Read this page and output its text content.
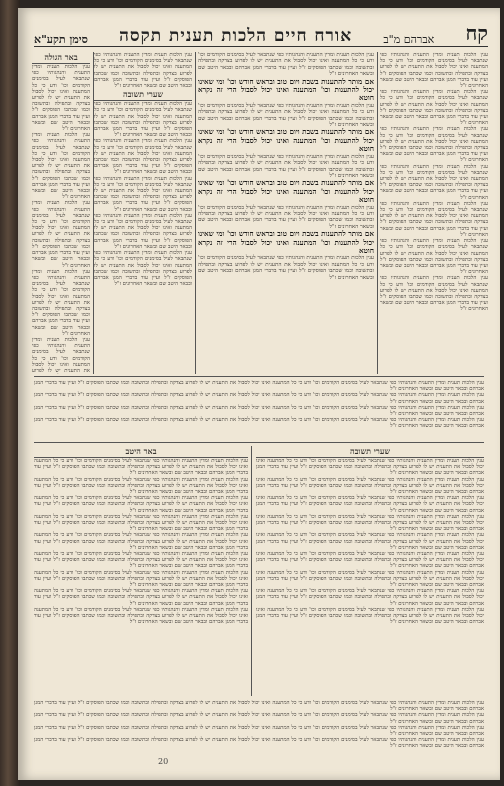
קח
אברהם מ"ב
אורח חיים הלכות תענית תקסה
סימן תקע"א

ענין הלכות תענית ומדין התענית והנהגותיו כפי שנתבאר לעיל בסימנים הקודמים וכו' ודע כי כל המתענה ואינו יכול לסבול את התענית יש לו לפרוע בצדקה ובתפילה ובתשובה וכמו שכתבו הפוסקים ז"ל ועיין עוד בדברי המגן אברהם ובבאר היטב שם ובשאר האחרונים ז"ל

ענין הלכות תענית ומדין התענית והנהגותיו כפי שנתבאר לעיל בסימנים הקודמים וכו' ודע כי כל המתענה ואינו יכול לסבול את התענית יש לו לפרוע בצדקה ובתפילה ובתשובה וכמו שכתבו הפוסקים ז"ל ועיין עוד בדברי המגן אברהם ובבאר היטב שם ובשאר האחרונים ז"ל

ענין הלכות תענית ומדין התענית והנהגותיו כפי שנתבאר לעיל בסימנים הקודמים וכו' ודע כי כל המתענה ואינו יכול לסבול את התענית יש לו לפרוע בצדקה ובתפילה ובתשובה וכמו שכתבו הפוסקים ז"ל ועיין עוד בדברי המגן אברהם ובבאר היטב שם ובשאר האחרונים ז"ל

ענין הלכות תענית ומדין התענית והנהגותיו כפי שנתבאר לעיל בסימנים הקודמים וכו' ודע כי כל המתענה ואינו יכול לסבול את התענית יש לו לפרוע בצדקה ובתפילה ובתשובה וכמו שכתבו הפוסקים ז"ל ועיין עוד בדברי המגן אברהם ובבאר היטב שם ובשאר האחרונים ז"ל

ענין הלכות תענית ומדין התענית והנהגותיו כפי שנתבאר לעיל בסימנים הקודמים וכו' ודע כי כל המתענה ואינו יכול לסבול את התענית יש לו לפרוע בצדקה ובתפילה ובתשובה וכמו שכתבו הפוסקים ז"ל ועיין עוד בדברי המגן אברהם ובבאר היטב שם ובשאר האחרונים ז"ל

ענין הלכות תענית ומדין התענית והנהגותיו כפי שנתבאר לעיל בסימנים הקודמים וכו' ודע כי כל המתענה ואינו יכול לסבול את התענית יש לו לפרוע בצדקה ובתפילה ובתשובה וכמו שכתבו הפוסקים ז"ל ועיין עוד בדברי המגן אברהם ובבאר היטב שם ובשאר האחרונים ז"ל

ענין הלכות תענית ומדין התענית והנהגותיו כפי שנתבאר לעיל בסימנים הקודמים וכו' ודע כי כל המתענה ואינו יכול לסבול את התענית יש לו לפרוע בצדקה ובתפילה ובתשובה וכמו שכתבו הפוסקים ז"ל ועיין עוד בדברי המגן אברהם ובבאר היטב שם ובשאר האחרונים ז"ל

ענין הלכות תענית ומדין התענית והנהגותיו כפי שנתבאר לעיל בסימנים הקודמים וכו' ודע כי כל המתענה ואינו יכול לסבול את התענית יש לו לפרוע בצדקה ובתפילה ובתשובה וכמו שכתבו הפוסקים ז"ל ועיין עוד בדברי המגן אברהם ובבאר היטב שם ובשאר האחרונים ז"ל

אם מותר להתענות בשבת ויום טוב ובראש חודש וכו' ומי שאינו יכול להתענות וכו' המתענה ואינו יכול לסבול הרי זה נקרא חוטא

ענין הלכות תענית ומדין התענית והנהגותיו כפי שנתבאר לעיל בסימנים הקודמים וכו' ודע כי כל המתענה ואינו יכול לסבול את התענית יש לו לפרוע בצדקה ובתפילה ובתשובה וכמו שכתבו הפוסקים ז"ל ועיין עוד בדברי המגן אברהם ובבאר היטב שם ובשאר האחרונים ז"ל

אם מותר להתענות בשבת ויום טוב ובראש חודש וכו' ומי שאינו יכול להתענות וכו' המתענה ואינו יכול לסבול הרי זה נקרא חוטא

ענין הלכות תענית ומדין התענית והנהגותיו כפי שנתבאר לעיל בסימנים הקודמים וכו' ודע כי כל המתענה ואינו יכול לסבול את התענית יש לו לפרוע בצדקה ובתפילה ובתשובה וכמו שכתבו הפוסקים ז"ל ועיין עוד בדברי המגן אברהם ובבאר היטב שם ובשאר האחרונים ז"ל

אם מותר להתענות בשבת ויום טוב ובראש חודש וכו' ומי שאינו יכול להתענות וכו' המתענה ואינו יכול לסבול הרי זה נקרא חוטא

ענין הלכות תענית ומדין התענית והנהגותיו כפי שנתבאר לעיל בסימנים הקודמים וכו' ודע כי כל המתענה ואינו יכול לסבול את התענית יש לו לפרוע בצדקה ובתפילה ובתשובה וכמו שכתבו הפוסקים ז"ל ועיין עוד בדברי המגן אברהם ובבאר היטב שם ובשאר האחרונים ז"ל

אם מותר להתענות בשבת ויום טוב ובראש חודש וכו' ומי שאינו יכול להתענות וכו' המתענה ואינו יכול לסבול הרי זה נקרא חוטא

ענין הלכות תענית ומדין התענית והנהגותיו כפי שנתבאר לעיל בסימנים הקודמים וכו' ודע כי כל המתענה ואינו יכול לסבול את התענית יש לו לפרוע בצדקה ובתפילה ובתשובה וכמו שכתבו הפוסקים ז"ל ועיין עוד בדברי המגן אברהם ובבאר היטב שם ובשאר האחרונים ז"ל

ענין הלכות תענית ומדין התענית והנהגותיו כפי שנתבאר לעיל בסימנים הקודמים וכו' ודע כי כל המתענה ואינו יכול לסבול את התענית יש לו לפרוע בצדקה ובתפילה ובתשובה וכמו שכתבו הפוסקים ז"ל ועיין עוד בדברי המגן אברהם ובבאר היטב שם ובשאר האחרונים ז"ל

שערי תשובה

ענין הלכות תענית ומדין התענית והנהגותיו כפי שנתבאר לעיל בסימנים הקודמים וכו' ודע כי כל המתענה ואינו יכול לסבול את התענית יש לו לפרוע בצדקה ובתפילה ובתשובה וכמו שכתבו הפוסקים ז"ל ועיין עוד בדברי המגן אברהם ובבאר היטב שם ובשאר האחרונים ז"ל

ענין הלכות תענית ומדין התענית והנהגותיו כפי שנתבאר לעיל בסימנים הקודמים וכו' ודע כי כל המתענה ואינו יכול לסבול את התענית יש לו לפרוע בצדקה ובתפילה ובתשובה וכמו שכתבו הפוסקים ז"ל ועיין עוד בדברי המגן אברהם ובבאר היטב שם ובשאר האחרונים ז"ל

ענין הלכות תענית ומדין התענית והנהגותיו כפי שנתבאר לעיל בסימנים הקודמים וכו' ודע כי כל המתענה ואינו יכול לסבול את התענית יש לו לפרוע בצדקה ובתפילה ובתשובה וכמו שכתבו הפוסקים ז"ל ועיין עוד בדברי המגן אברהם ובבאר היטב שם ובשאר האחרונים ז"ל

ענין הלכות תענית ומדין התענית והנהגותיו כפי שנתבאר לעיל בסימנים הקודמים וכו' ודע כי כל המתענה ואינו יכול לסבול את התענית יש לו לפרוע בצדקה ובתפילה ובתשובה וכמו שכתבו הפוסקים ז"ל ועיין עוד בדברי המגן אברהם ובבאר היטב שם ובשאר האחרונים ז"ל

ענין הלכות תענית ומדין התענית והנהגותיו כפי שנתבאר לעיל בסימנים הקודמים וכו' ודע כי כל המתענה ואינו יכול לסבול את התענית יש לו לפרוע בצדקה ובתפילה ובתשובה וכמו שכתבו הפוסקים ז"ל ועיין עוד בדברי המגן אברהם ובבאר היטב שם ובשאר האחרונים ז"ל

באר הגולה

ענין הלכות תענית ומדין התענית והנהגותיו כפי שנתבאר לעיל בסימנים הקודמים וכו' ודע כי כל המתענה ואינו יכול לסבול את התענית יש לו לפרוע בצדקה ובתפילה ובתשובה וכמו שכתבו הפוסקים ז"ל ועיין עוד בדברי המגן אברהם ובבאר היטב שם ובשאר האחרונים ז"ל

ענין הלכות תענית ומדין התענית והנהגותיו כפי שנתבאר לעיל בסימנים הקודמים וכו' ודע כי כל המתענה ואינו יכול לסבול את התענית יש לו לפרוע בצדקה ובתפילה ובתשובה וכמו שכתבו הפוסקים ז"ל ועיין עוד בדברי המגן אברהם ובבאר היטב שם ובשאר האחרונים ז"ל

ענין הלכות תענית ומדין התענית והנהגותיו כפי שנתבאר לעיל בסימנים הקודמים וכו' ודע כי כל המתענה ואינו יכול לסבול את התענית יש לו לפרוע בצדקה ובתפילה ובתשובה וכמו שכתבו הפוסקים ז"ל ועיין עוד בדברי המגן אברהם ובבאר היטב שם ובשאר האחרונים ז"ל

ענין הלכות תענית ומדין התענית והנהגותיו כפי שנתבאר לעיל בסימנים הקודמים וכו' ודע כי כל המתענה ואינו יכול לסבול את התענית יש לו לפרוע בצדקה ובתפילה ובתשובה וכמו שכתבו הפוסקים ז"ל ועיין עוד בדברי המגן אברהם ובבאר היטב שם ובשאר האחרונים ז"ל

ענין הלכות תענית ומדין התענית והנהגותיו כפי שנתבאר לעיל בסימנים הקודמים וכו' ודע כי כל המתענה ואינו יכול לסבול את התענית יש לו לפרוע

ענין הלכות תענית ומדין התענית והנהגותיו כפי שנתבאר לעיל בסימנים הקודמים וכו' ודע כי כל המתענה ואינו יכול לסבול את התענית יש לו לפרוע בצדקה ובתפילה ובתשובה וכמו שכתבו הפוסקים ז"ל ועיין עוד בדברי המגן אברהם ובבאר היטב שם ובשאר האחרונים ז"ל

ענין הלכות תענית ומדין התענית והנהגותיו כפי שנתבאר לעיל בסימנים הקודמים וכו' ודע כי כל המתענה ואינו יכול לסבול את התענית יש לו לפרוע בצדקה ובתפילה ובתשובה וכמו שכתבו הפוסקים ז"ל ועיין עוד בדברי המגן אברהם ובבאר היטב שם ובשאר האחרונים ז"ל

ענין הלכות תענית ומדין התענית והנהגותיו כפי שנתבאר לעיל בסימנים הקודמים וכו' ודע כי כל המתענה ואינו יכול לסבול את התענית יש לו לפרוע בצדקה ובתפילה ובתשובה וכמו שכתבו הפוסקים ז"ל ועיין עוד בדברי המגן אברהם ובבאר היטב שם ובשאר האחרונים ז"ל

ענין הלכות תענית ומדין התענית והנהגותיו כפי שנתבאר לעיל בסימנים הקודמים וכו' ודע כי כל המתענה ואינו יכול לסבול את התענית יש לו לפרוע בצדקה ובתפילה ובתשובה וכמו שכתבו הפוסקים ז"ל ועיין עוד בדברי המגן אברהם ובבאר היטב שם ובשאר האחרונים ז"ל

באר היטב

ענין הלכות תענית ומדין התענית והנהגותיו כפי שנתבאר לעיל בסימנים הקודמים וכו' ודע כי כל המתענה ואינו יכול לסבול את התענית יש לו לפרוע בצדקה ובתפילה ובתשובה וכמו שכתבו הפוסקים ז"ל ועיין עוד בדברי המגן אברהם ובבאר היטב שם ובשאר האחרונים ז"ל

ענין הלכות תענית ומדין התענית והנהגותיו כפי שנתבאר לעיל בסימנים הקודמים וכו' ודע כי כל המתענה ואינו יכול לסבול את התענית יש לו לפרוע בצדקה ובתפילה ובתשובה וכמו שכתבו הפוסקים ז"ל ועיין עוד בדברי המגן אברהם ובבאר היטב שם ובשאר האחרונים ז"ל

ענין הלכות תענית ומדין התענית והנהגותיו כפי שנתבאר לעיל בסימנים הקודמים וכו' ודע כי כל המתענה ואינו יכול לסבול את התענית יש לו לפרוע בצדקה ובתפילה ובתשובה וכמו שכתבו הפוסקים ז"ל ועיין עוד בדברי המגן אברהם ובבאר היטב שם ובשאר האחרונים ז"ל

ענין הלכות תענית ומדין התענית והנהגותיו כפי שנתבאר לעיל בסימנים הקודמים וכו' ודע כי כל המתענה ואינו יכול לסבול את התענית יש לו לפרוע בצדקה ובתפילה ובתשובה וכמו שכתבו הפוסקים ז"ל ועיין עוד בדברי המגן אברהם ובבאר היטב שם ובשאר האחרונים ז"ל

ענין הלכות תענית ומדין התענית והנהגותיו כפי שנתבאר לעיל בסימנים הקודמים וכו' ודע כי כל המתענה ואינו יכול לסבול את התענית יש לו לפרוע בצדקה ובתפילה ובתשובה וכמו שכתבו הפוסקים ז"ל ועיין עוד בדברי המגן אברהם ובבאר היטב שם ובשאר האחרונים ז"ל

ענין הלכות תענית ומדין התענית והנהגותיו כפי שנתבאר לעיל בסימנים הקודמים וכו' ודע כי כל המתענה ואינו יכול לסבול את התענית יש לו לפרוע בצדקה ובתפילה ובתשובה וכמו שכתבו הפוסקים ז"ל ועיין עוד בדברי המגן אברהם ובבאר היטב שם ובשאר האחרונים ז"ל

ענין הלכות תענית ומדין התענית והנהגותיו כפי שנתבאר לעיל בסימנים הקודמים וכו' ודע כי כל המתענה ואינו יכול לסבול את התענית יש לו לפרוע בצדקה ובתפילה ובתשובה וכמו שכתבו הפוסקים ז"ל ועיין עוד בדברי המגן אברהם ובבאר היטב שם ובשאר האחרונים ז"ל

ענין הלכות תענית ומדין התענית והנהגותיו כפי שנתבאר לעיל בסימנים הקודמים וכו' ודע כי כל המתענה ואינו יכול לסבול את התענית יש לו לפרוע בצדקה ובתפילה ובתשובה וכמו שכתבו הפוסקים ז"ל ועיין עוד בדברי המגן אברהם ובבאר היטב שם ובשאר האחרונים ז"ל

ענין הלכות תענית ומדין התענית והנהגותיו כפי שנתבאר לעיל בסימנים הקודמים וכו' ודע כי כל המתענה ואינו יכול לסבול את התענית יש לו לפרוע בצדקה ובתפילה ובתשובה וכמו שכתבו הפוסקים ז"ל ועיין עוד בדברי המגן אברהם ובבאר היטב שם ובשאר האחרונים ז"ל

שערי תשובה

ענין הלכות תענית ומדין התענית והנהגותיו כפי שנתבאר לעיל בסימנים הקודמים וכו' ודע כי כל המתענה ואינו יכול לסבול את התענית יש לו לפרוע בצדקה ובתפילה ובתשובה וכמו שכתבו הפוסקים ז"ל ועיין עוד בדברי המגן אברהם ובבאר היטב שם ובשאר האחרונים ז"ל

ענין הלכות תענית ומדין התענית והנהגותיו כפי שנתבאר לעיל בסימנים הקודמים וכו' ודע כי כל המתענה ואינו יכול לסבול את התענית יש לו לפרוע בצדקה ובתפילה ובתשובה וכמו שכתבו הפוסקים ז"ל ועיין עוד בדברי המגן אברהם ובבאר היטב שם ובשאר האחרונים ז"ל

ענין הלכות תענית ומדין התענית והנהגותיו כפי שנתבאר לעיל בסימנים הקודמים וכו' ודע כי כל המתענה ואינו יכול לסבול את התענית יש לו לפרוע בצדקה ובתפילה ובתשובה וכמו שכתבו הפוסקים ז"ל ועיין עוד בדברי המגן אברהם ובבאר היטב שם ובשאר האחרונים ז"ל

ענין הלכות תענית ומדין התענית והנהגותיו כפי שנתבאר לעיל בסימנים הקודמים וכו' ודע כי כל המתענה ואינו יכול לסבול את התענית יש לו לפרוע בצדקה ובתפילה ובתשובה וכמו שכתבו הפוסקים ז"ל ועיין עוד בדברי המגן אברהם ובבאר היטב שם ובשאר האחרונים ז"ל

ענין הלכות תענית ומדין התענית והנהגותיו כפי שנתבאר לעיל בסימנים הקודמים וכו' ודע כי כל המתענה ואינו יכול לסבול את התענית יש לו לפרוע בצדקה ובתפילה ובתשובה וכמו שכתבו הפוסקים ז"ל ועיין עוד בדברי המגן אברהם ובבאר היטב שם ובשאר האחרונים ז"ל

ענין הלכות תענית ומדין התענית והנהגותיו כפי שנתבאר לעיל בסימנים הקודמים וכו' ודע כי כל המתענה ואינו יכול לסבול את התענית יש לו לפרוע בצדקה ובתפילה ובתשובה וכמו שכתבו הפוסקים ז"ל ועיין עוד בדברי המגן אברהם ובבאר היטב שם ובשאר האחרונים ז"ל

ענין הלכות תענית ומדין התענית והנהגותיו כפי שנתבאר לעיל בסימנים הקודמים וכו' ודע כי כל המתענה ואינו יכול לסבול את התענית יש לו לפרוע בצדקה ובתפילה ובתשובה וכמו שכתבו הפוסקים ז"ל ועיין עוד בדברי המגן אברהם ובבאר היטב שם ובשאר האחרונים ז"ל

ענין הלכות תענית ומדין התענית והנהגותיו כפי שנתבאר לעיל בסימנים הקודמים וכו' ודע כי כל המתענה ואינו יכול לסבול את התענית יש לו לפרוע בצדקה ובתפילה ובתשובה וכמו שכתבו הפוסקים ז"ל ועיין עוד בדברי המגן אברהם ובבאר היטב שם ובשאר האחרונים ז"ל

ענין הלכות תענית ומדין התענית והנהגותיו כפי שנתבאר לעיל בסימנים הקודמים וכו' ודע כי כל המתענה ואינו יכול לסבול את התענית יש לו לפרוע בצדקה ובתפילה ובתשובה וכמו שכתבו הפוסקים ז"ל ועיין עוד בדברי המגן אברהם ובבאר היטב שם ובשאר האחרונים ז"ל

ענין הלכות תענית ומדין התענית והנהגותיו כפי שנתבאר לעיל בסימנים הקודמים וכו' ודע כי כל המתענה ואינו יכול לסבול את התענית יש לו לפרוע בצדקה ובתפילה ובתשובה וכמו שכתבו הפוסקים ז"ל ועיין עוד בדברי המגן אברהם ובבאר היטב שם ובשאר האחרונים ז"ל

ענין הלכות תענית ומדין התענית והנהגותיו כפי שנתבאר לעיל בסימנים הקודמים וכו' ודע כי כל המתענה ואינו יכול לסבול את התענית יש לו לפרוע בצדקה ובתפילה ובתשובה וכמו שכתבו הפוסקים ז"ל ועיין עוד בדברי המגן אברהם ובבאר היטב שם ובשאר האחרונים ז"ל

ענין הלכות תענית ומדין התענית והנהגותיו כפי שנתבאר לעיל בסימנים הקודמים וכו' ודע כי כל המתענה ואינו יכול לסבול את התענית יש לו לפרוע בצדקה ובתפילה ובתשובה וכמו שכתבו הפוסקים ז"ל ועיין עוד בדברי המגן אברהם ובבאר היטב שם ובשאר האחרונים ז"ל

ענין הלכות תענית ומדין התענית והנהגותיו כפי שנתבאר לעיל בסימנים הקודמים וכו' ודע כי כל המתענה ואינו יכול לסבול את התענית יש לו לפרוע בצדקה ובתפילה ובתשובה וכמו שכתבו הפוסקים ז"ל ועיין עוד בדברי המגן אברהם ובבאר היטב שם ובשאר האחרונים ז"ל

20
